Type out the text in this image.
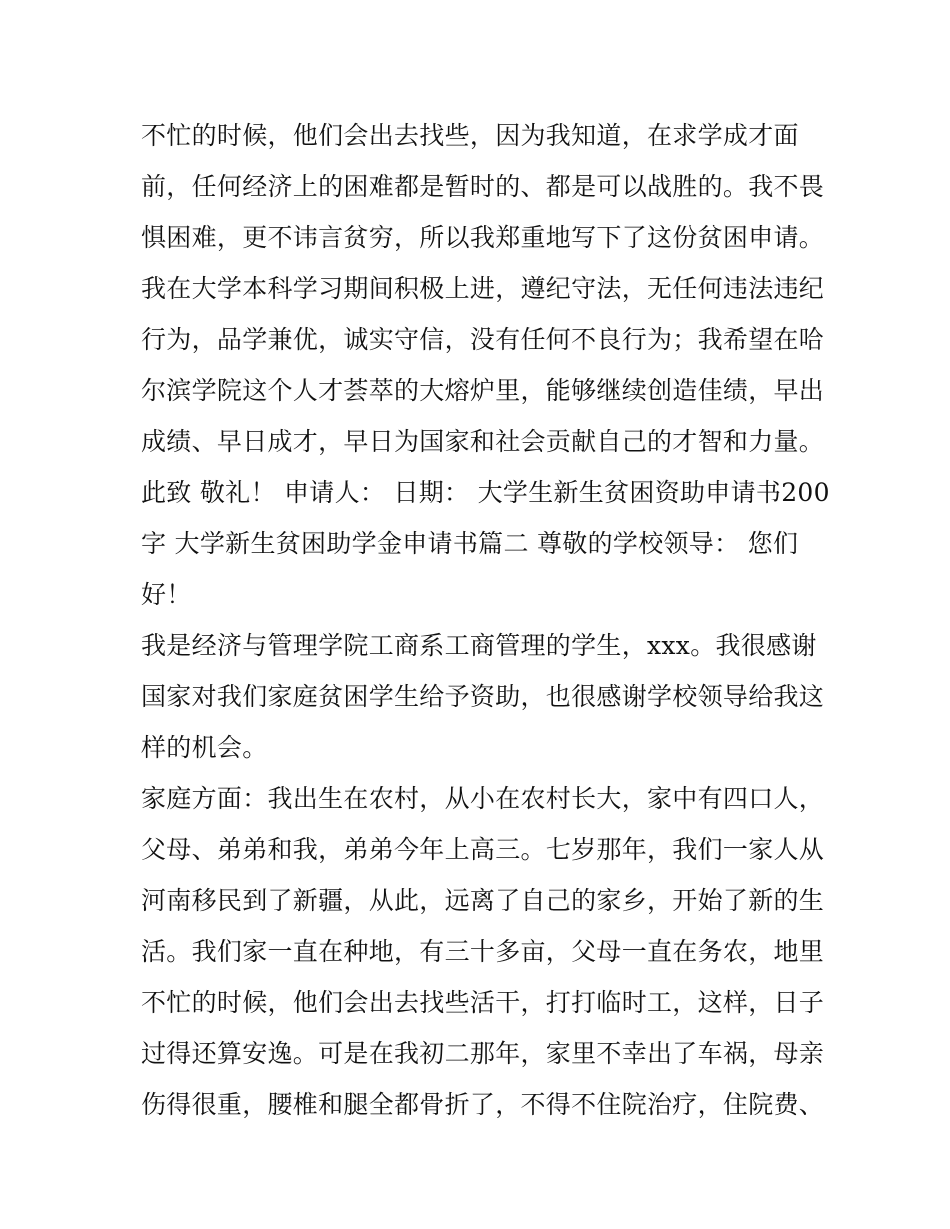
不忙的时候，他们会出去找些，因为我知道，在求学成才面
前，任何经济上的困难都是暂时的、都是可以战胜的。我不畏
惧困难，更不讳言贫穷，所以我郑重地写下了这份贫困申请。
我在大学本科学习期间积极上进，遵纪守法，无任何违法违纪
行为，品学兼优，诚实守信，没有任何不良行为；我希望在哈
尔滨学院这个人才荟萃的大熔炉里，能够继续创造佳绩，早出
成绩、早日成才，早日为国家和社会贡献自己的才智和力量。
此致 敬礼！ 申请人： 日期： 大学生新生贫困资助申请书200
字 大学新生贫困助学金申请书篇二 尊敬的学校领导： 您们
好！
我是经济与管理学院工商系工商管理的学生，xxx。我很感谢
国家对我们家庭贫困学生给予资助，也很感谢学校领导给我这
样的机会。
家庭方面：我出生在农村，从小在农村长大，家中有四口人，
父母、弟弟和我，弟弟今年上高三。七岁那年，我们一家人从
河南移民到了新疆，从此，远离了自己的家乡，开始了新的生
活。我们家一直在种地，有三十多亩，父母一直在务农，地里
不忙的时候，他们会出去找些活干，打打临时工，这样，日子
过得还算安逸。可是在我初二那年，家里不幸出了车祸，母亲
伤得很重，腰椎和腿全都骨折了，不得不住院治疗，住院费、
